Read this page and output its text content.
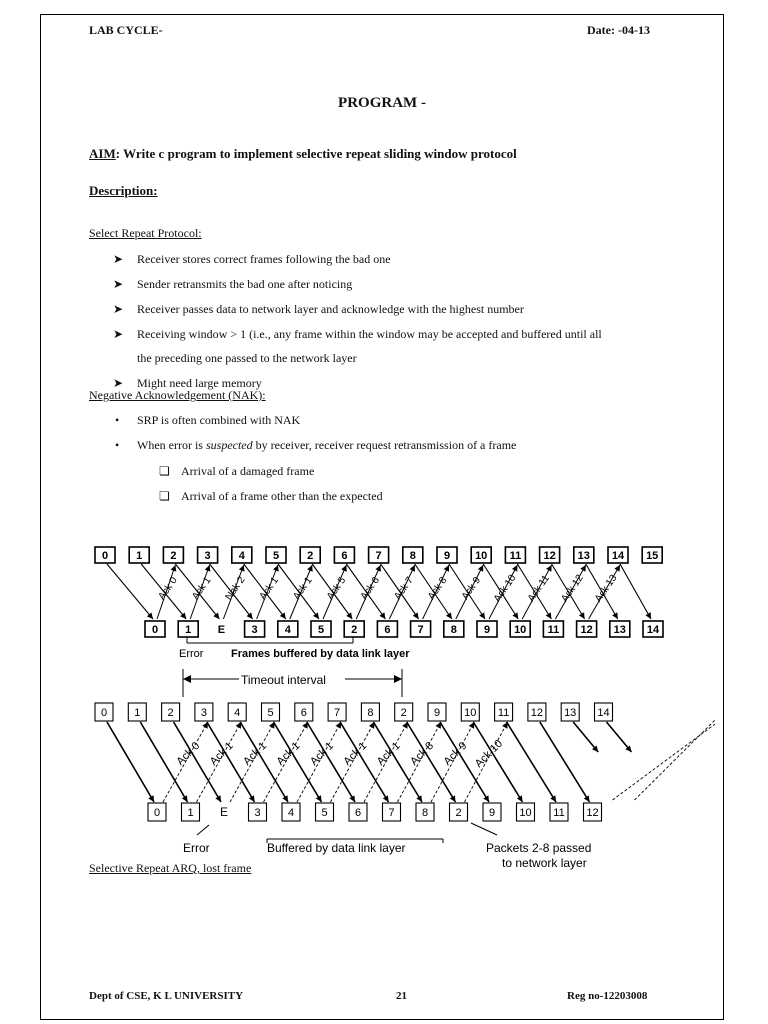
LAB CYCLE-	Date: -04-13
PROGRAM -
AIM: Write c program to implement selective repeat sliding window protocol
Description:
Select Repeat Protocol:
➤ Receiver stores correct frames following the bad one
➤ Sender retransmits the bad one after noticing
➤ Receiver passes data to network layer and acknowledge with the highest number
➤ Receiving window > 1 (i.e., any frame within the window may be accepted and buffered until all
the preceding one passed to the network layer
➤ Might need large memory
Negative Acknowledgement (NAK):
• SRP is often combined with NAK
• When error is suspected by receiver, receiver request retransmission of a frame
❏ Arrival of a damaged frame
❏ Arrival of a frame other than the expected
Error	Frames buffered by data link layer
Ack 0 Ack 1 Nak 2 Ack 1 Ack 1 Ack 5 Ack 6 Ack 7 Ack 8 Ack 9 Ack 10 Ack 11 Ack 12 Ack 13
0	1	2	3	4	5	2	6	7	8	9 10 11 12 13 14 15
0 1 E 3 4 5 2 6 7 8 9 10 11 12 13 14
Timeout interval
Error	Buffered by data link layer	Packets 2-8 passed
to network layer
Ack 0 Ack 1 Ack 1 Ack 1 Ack 1 Ack 1 Ack 1 Ack 8 Ack 9 Ack 10
0 1 2 3 4 5 6 7 8 2 9 10 11 12 13 14
0 1 E 3 4 5 6 7 8 2 9 10 11 12
Selective Repeat ARQ, lost frame
Dept of CSE, K L UNIVERSITY	21	Reg no-12203008
